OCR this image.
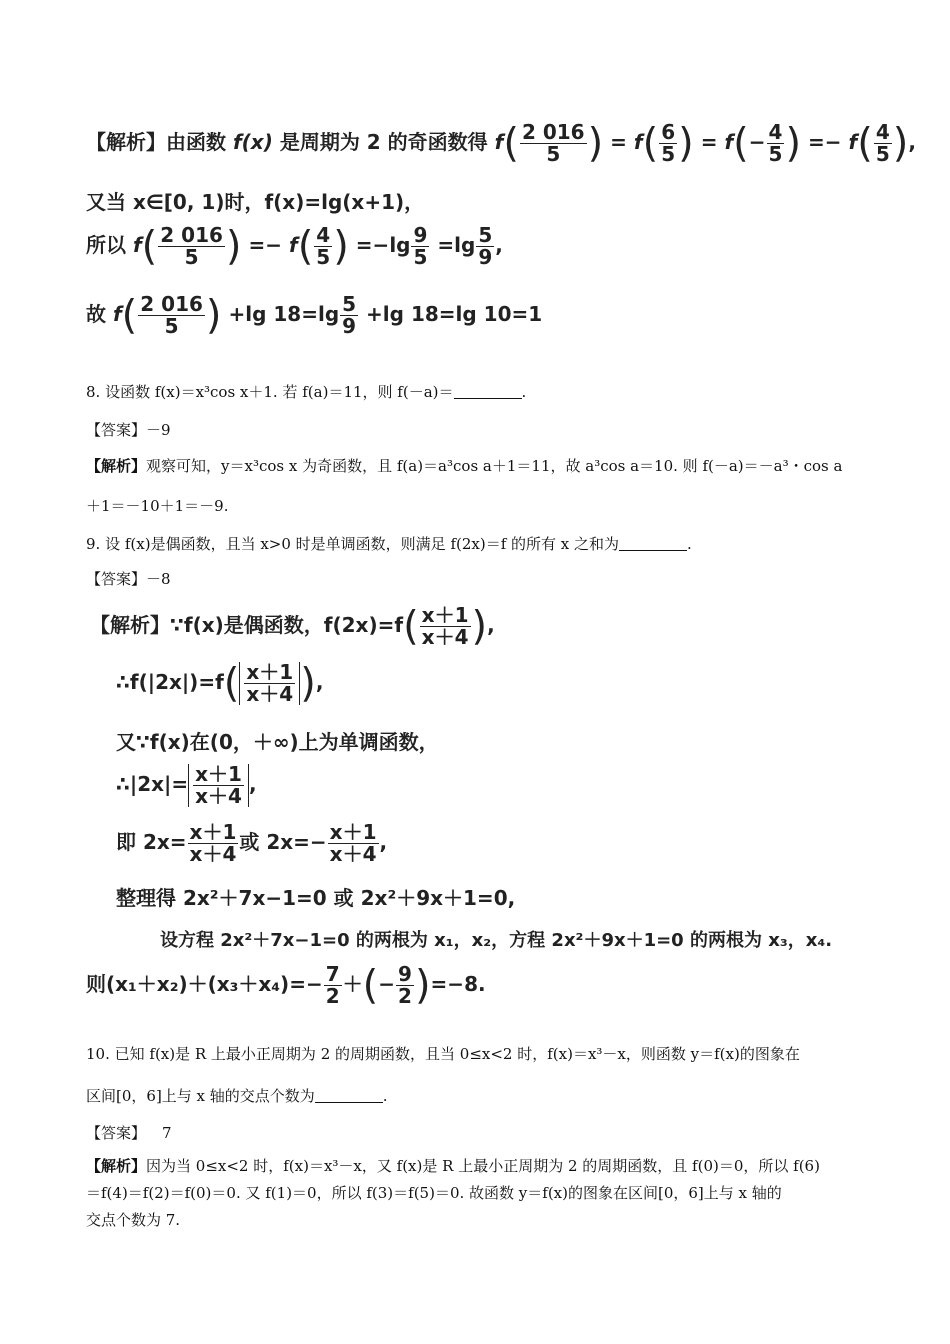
【解析】由函数 f(x) 是周期为 2 的奇函数得 $f( \frac{2 016}{5}$ ) = $f( \frac{6}{5}$ ) = $f(- \frac{4}{5}$ ) =− $f( \frac{4}{5}$ ),
又当 x∈[0, 1)时，f(x)=lg(x+1)，
所以 $f( \frac{2 016}{5}$ ) =− $f( \frac{4}{5}$ ) $=-\lg \frac{9}{5} =\lg \frac{5}{9}$ ,
故 $f( \frac{2 016}{5}$ ) +lg $18=\lg \frac{5}{9} +\lg$ 18=lg 10=1
8. 设函数 f(x)＝x³cos x＋1. 若 f(a)＝11，则 f(－a)＝	.
【答案】－9
【解析】观察可知，y＝x³cos x 为奇函数，且 f(a)＝a³cos a＋1＝11，故 a³cos a＝10. 则 f(－a)＝－a³・cos a
＋1＝－10＋1＝－9.
9. 设 f(x)是偶函数，且当 x>0 时是单调函数，则满足 f(2x)＝f 的所有 x 之和为	.
【答案】－8
【解析】∵f(x)是偶函数，$f(2x)=f( \frac{x+1}{x+4}$ ),
∴f(|2x|)=f( $\frac{x+1}{x+4}$ ),
又∵f(x)在(0，＋∞)上为单调函数，
∴|2x|= $\frac{x+1}{x+4}$ ,
即 $2x= \frac{x+1}{x+4}$ 或 $2x=- \frac{x+1}{x+4}$ ,
整理得 2x²＋7x−1=0 或 2x²＋9x＋1=0,
设方程 2x²＋7x−1=0 的两根为 x₁，x₂，方程 2x²＋9x＋1=0 的两根为 x₃，x₄.
则$(x_1+x_2)+(x_3+x_4)=- \frac{7}{2}$ ＋(− $\frac{9}{2} )=-8$.
10. 已知 f(x)是 R 上最小正周期为 2 的周期函数，且当 0≤x<2 时，f(x)＝x³－x，则函数 y＝f(x)的图象在
区间[0，6]上与 x 轴的交点个数为	.
【答案】 7
【解析】因为当 0≤x<2 时，f(x)＝x³－x，又 f(x)是 R 上最小正周期为 2 的周期函数，且 f(0)＝0，所以 f(6)
＝f(4)＝f(2)＝f(0)＝0. 又 f(1)＝0，所以 f(3)＝f(5)＝0. 故函数 y＝f(x)的图象在区间[0，6]上与 x 轴的
交点个数为 7.
